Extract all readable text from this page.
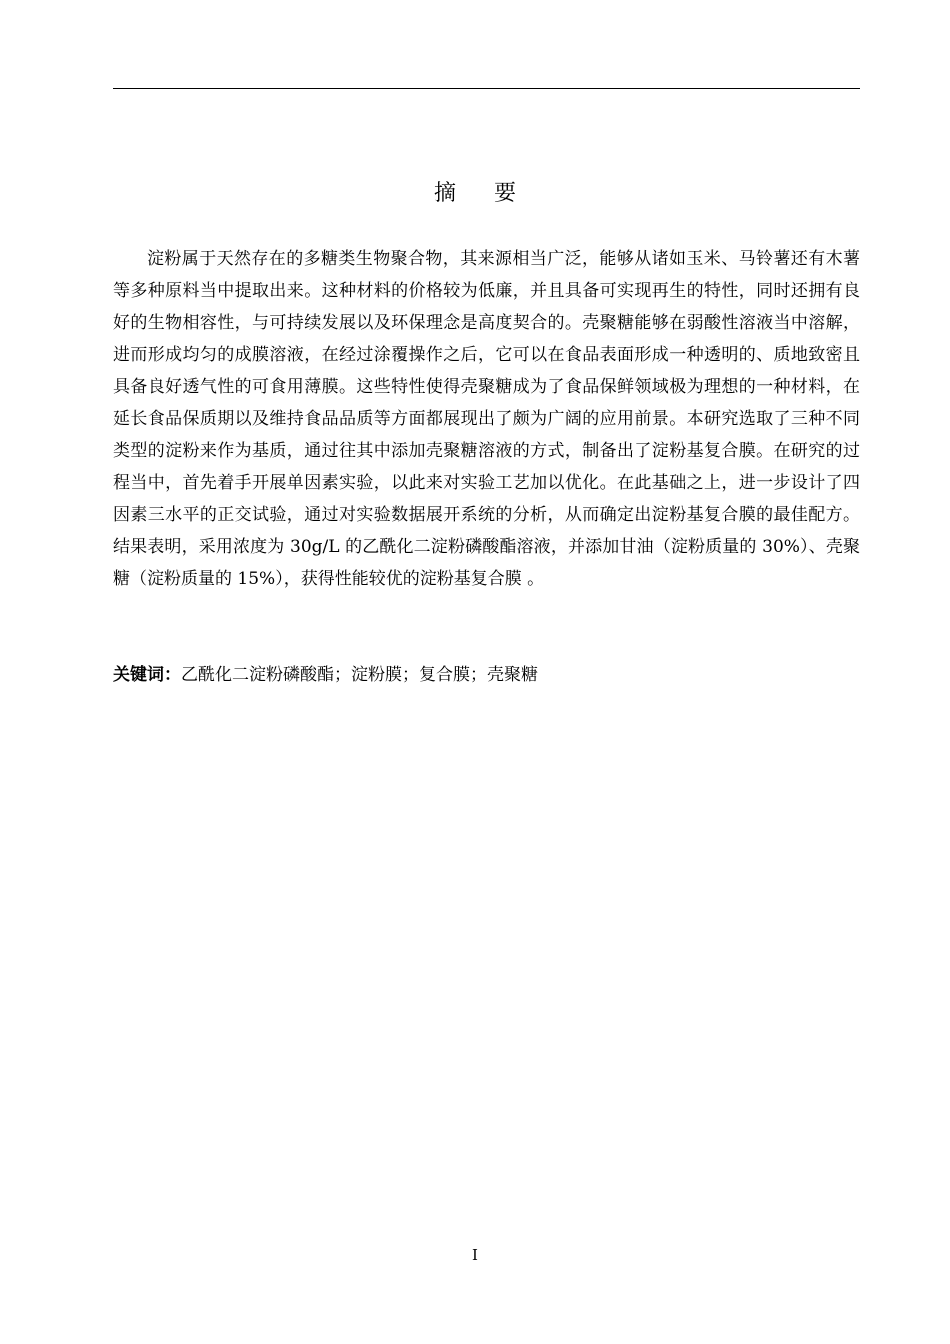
摘要

淀粉属于天然存在的多糖类生物聚合物，其来源相当广泛，能够从诸如玉米、马铃薯还有木薯等多种原料当中提取出来。这种材料的价格较为低廉，并且具备可实现再生的特性，同时还拥有良好的生物相容性，与可持续发展以及环保理念是高度契合的。壳聚糖能够在弱酸性溶液当中溶解，进而形成均匀的成膜溶液，在经过涂覆操作之后，它可以在食品表面形成一种透明的、质地致密且具备良好透气性的可食用薄膜。这些特性使得壳聚糖成为了食品保鲜领域极为理想的一种材料，在延长食品保质期以及维持食品品质等方面都展现出了颇为广阔的应用前景。本研究选取了三种不同类型的淀粉来作为基质，通过往其中添加壳聚糖溶液的方式，制备出了淀粉基复合膜。在研究的过程当中，首先着手开展单因素实验，以此来对实验工艺加以优化。在此基础之上，进一步设计了四因素三水平的正交试验，通过对实验数据展开系统的分析，从而确定出淀粉基复合膜的最佳配方。结果表明，采用浓度为 30g/L 的乙酰化二淀粉磷酸酯溶液，并添加甘油（淀粉质量的 30%）、壳聚糖（淀粉质量的 15%），获得性能较优的淀粉基复合膜 。

关键词：乙酰化二淀粉磷酸酯；淀粉膜；复合膜；壳聚糖

I
